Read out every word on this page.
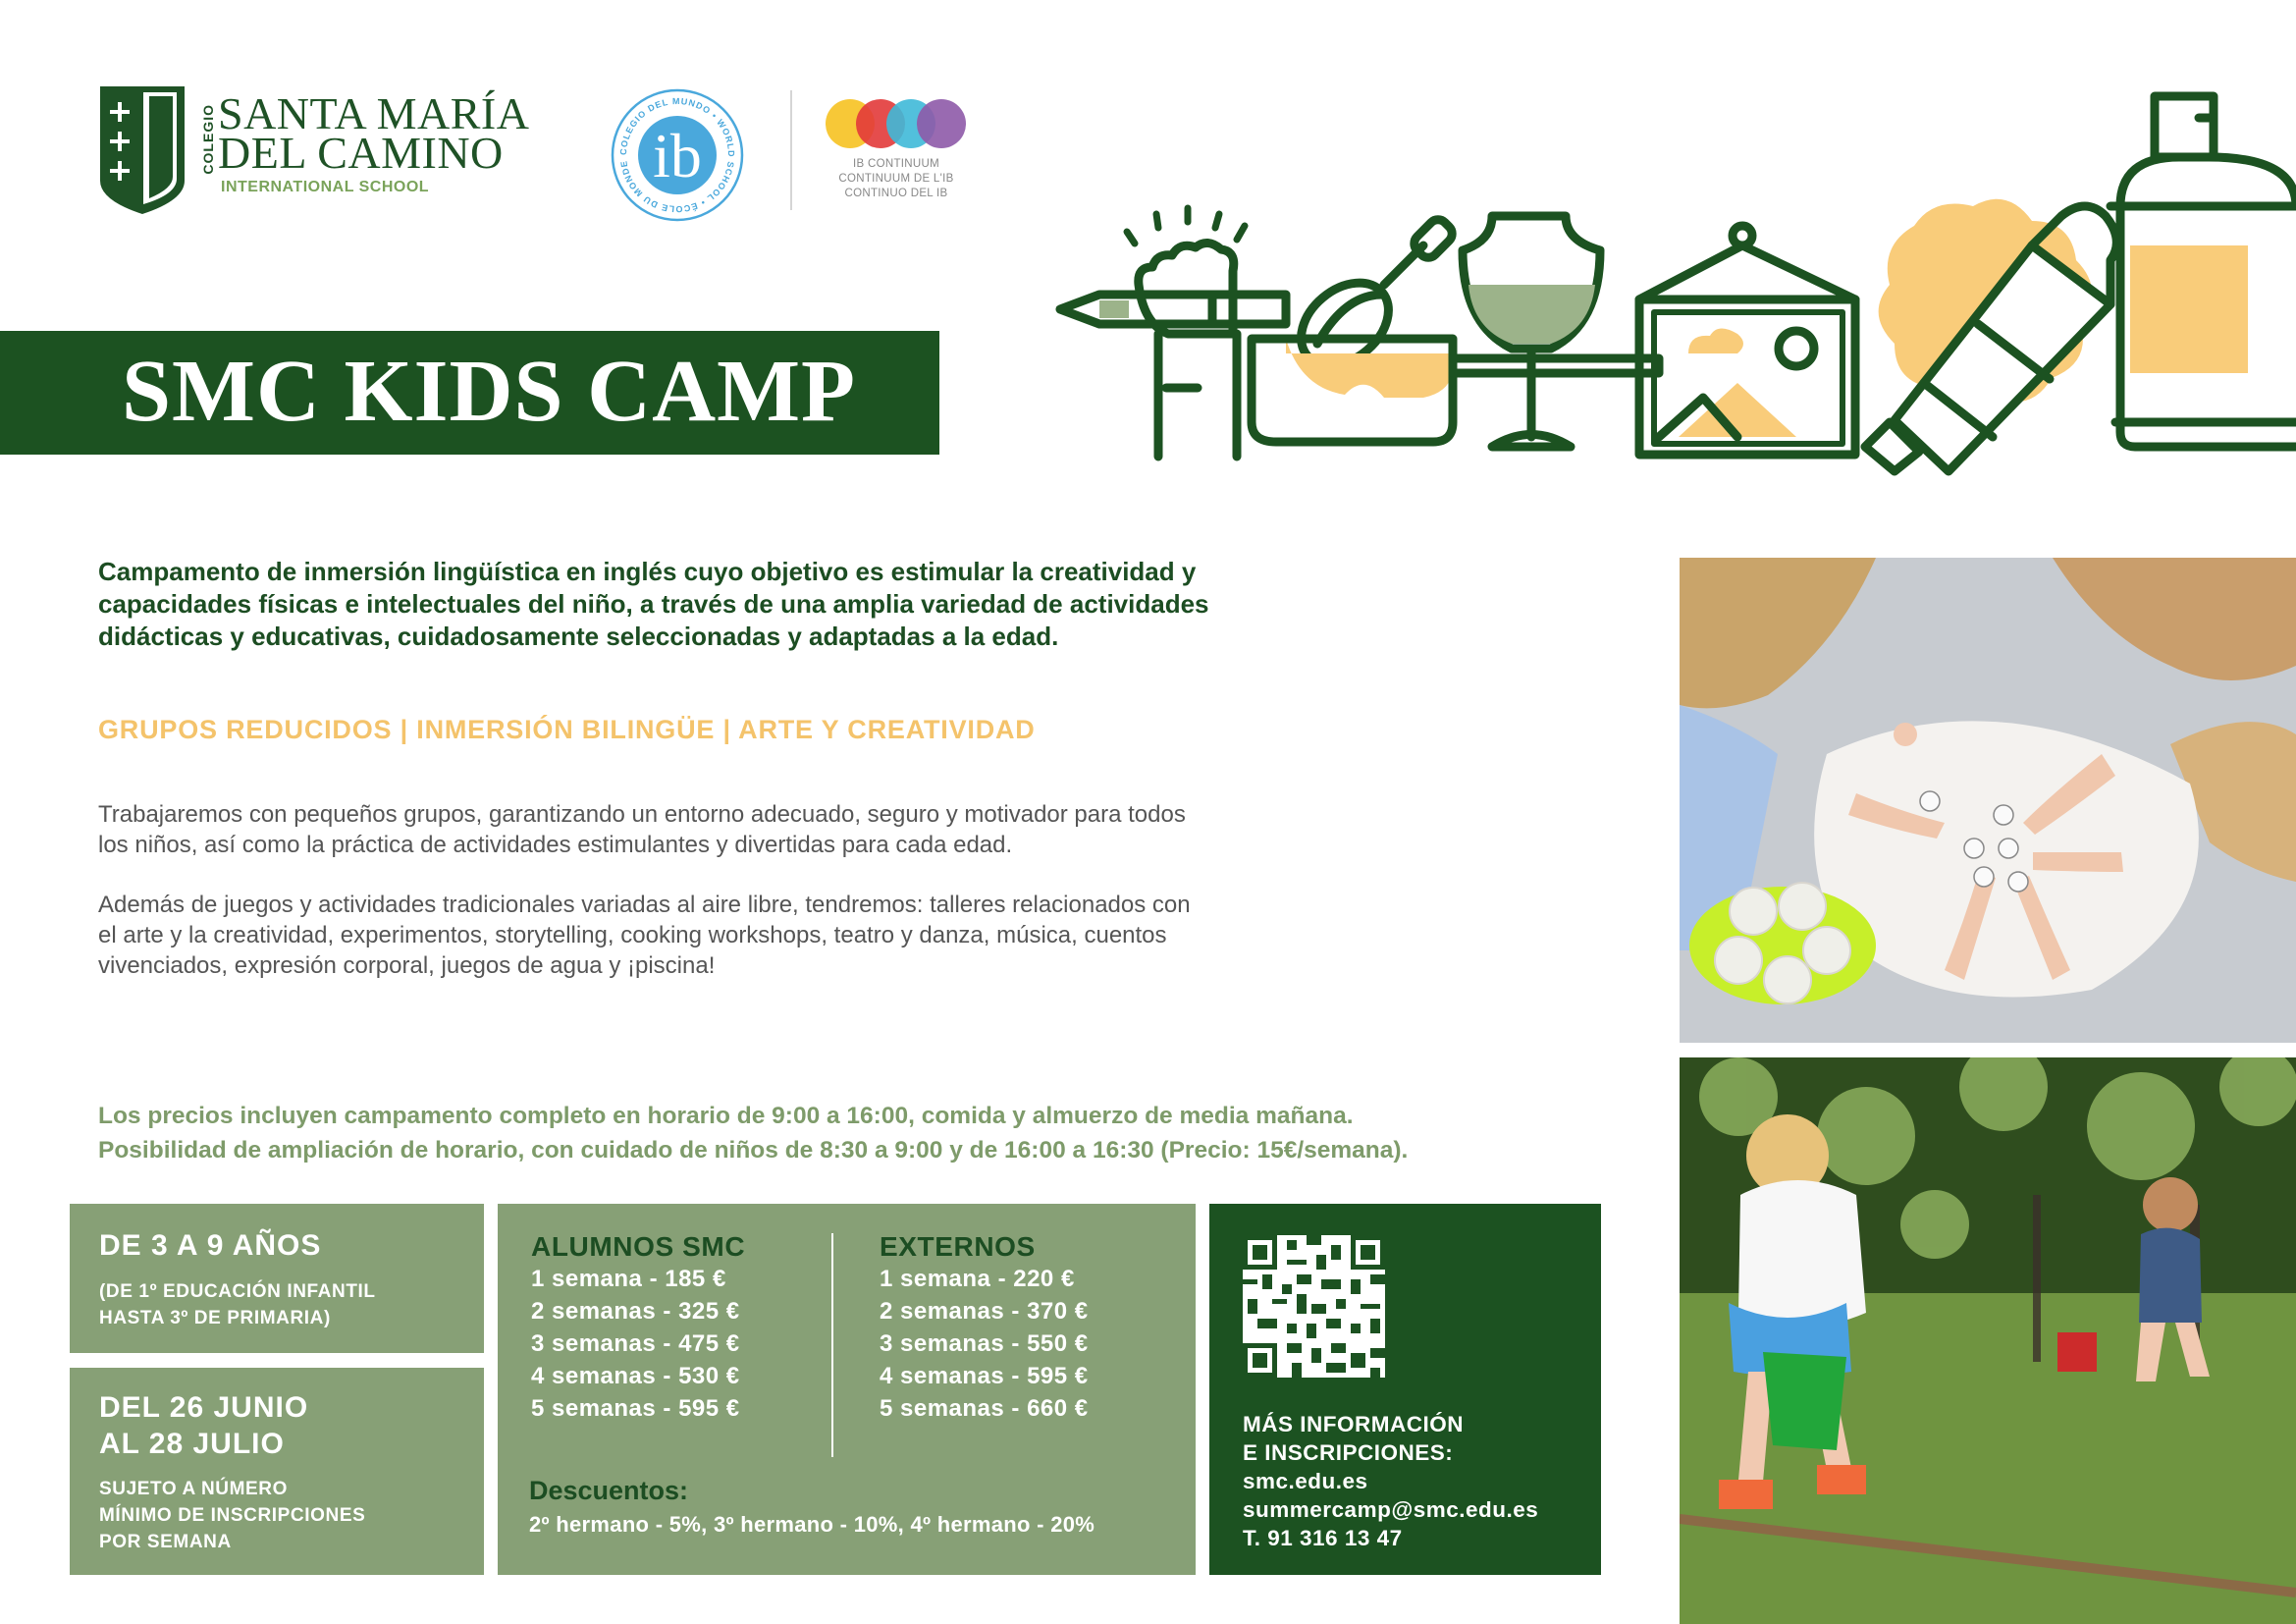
COLEGIO SANTA MARÍA
DEL CAMINO
INTERNATIONAL SCHOOL
COLEGIO DEL MUNDO • WORLD SCHOOL • ÉCOLE DU MONDE ib	IB CONTINUUM
CONTINUUM DE L'IB
CONTINUO DEL IB
SMC KIDS CAMP
Campamento de inmersión lingüística en inglés cuyo objetivo es estimular la creatividad y
capacidades físicas e intelectuales del niño, a través de una amplia variedad de actividades
didácticas y educativas, cuidadosamente seleccionadas y adaptadas a la edad.
GRUPOS REDUCIDOS | INMERSIÓN BILINGÜE | ARTE Y CREATIVIDAD
Trabajaremos con pequeños grupos, garantizando un entorno adecuado, seguro y motivador para todos
los niños, así como la práctica de actividades estimulantes y divertidas para cada edad.
Además de juegos y actividades tradicionales variadas al aire libre, tendremos: talleres relacionados con
el arte y la creatividad, experimentos, storytelling, cooking workshops, teatro y danza, música, cuentos
vivenciados, expresión corporal, juegos de agua y ¡piscina!
Los precios incluyen campamento completo en horario de 9:00 a 16:00, comida y almuerzo de media mañana.
Posibilidad de ampliación de horario, con cuidado de niños de 8:30 a 9:00 y de 16:00 a 16:30 (Precio: 15€/semana).
DE 3 A 9 AÑOS
(DE 1º EDUCACIÓN INFANTIL
HASTA 3º DE PRIMARIA)
DEL 26 JUNIO
AL 28 JULIO
SUJETO A NÚMERO
MÍNIMO DE INSCRIPCIONES
POR SEMANA
ALUMNOS SMC
1 semana - 185 €
2 semanas - 325 €
3 semanas - 475 €
4 semanas - 530 €
5 semanas - 595 €
EXTERNOS
1 semana - 220 €
2 semanas - 370 €
3 semanas - 550 €
4 semanas - 595 €
5 semanas - 660 €
Descuentos:
2º hermano - 5%, 3º hermano - 10%, 4º hermano - 20%
MÁS INFORMACIÓN
E INSCRIPCIONES:
smc.edu.es
summercamp@smc.edu.es
T. 91 316 13 47
